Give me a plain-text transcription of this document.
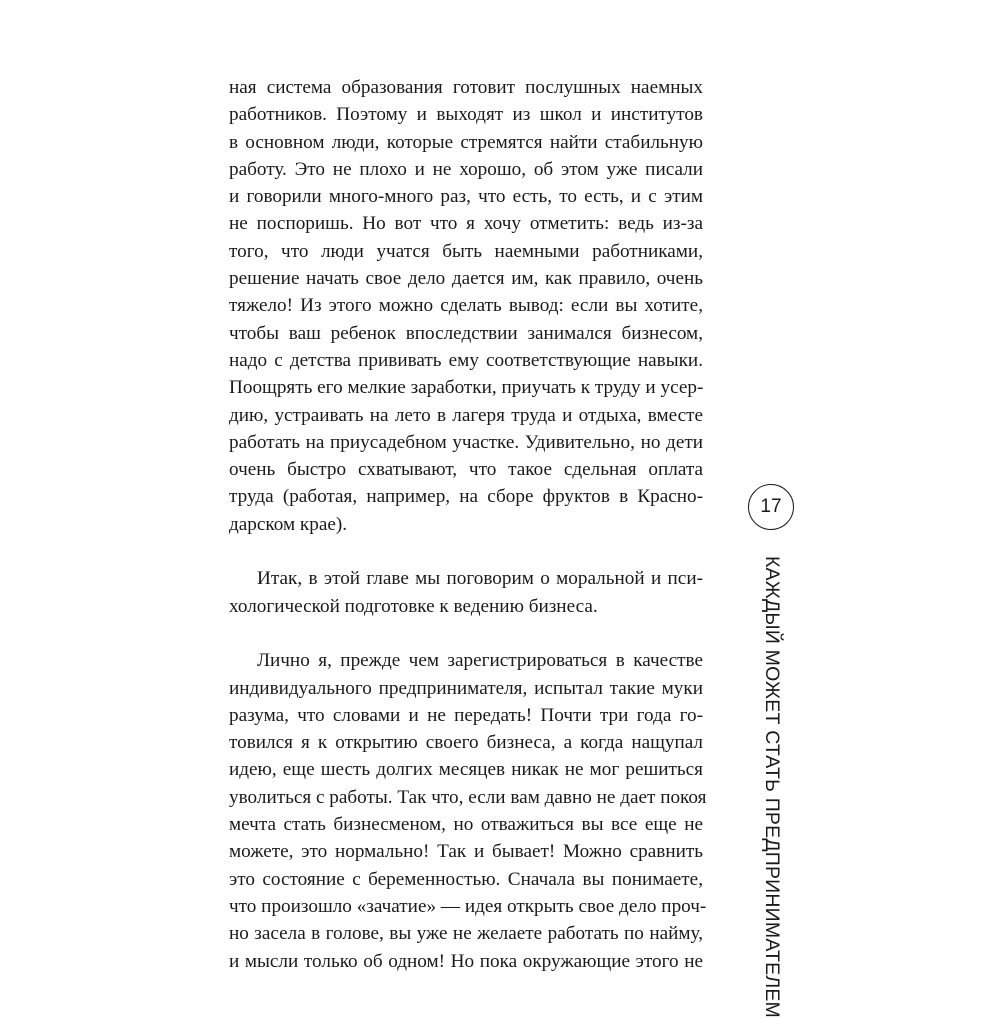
ная система образования готовит послушных наемных
работников. Поэтому и выходят из школ и институтов
в основном люди, которые стремятся найти стабильную
работу. Это не плохо и не хорошо, об этом уже писали
и говорили много-много раз, что есть, то есть, и с этим
не поспоришь. Но вот что я хочу отметить: ведь из-за
того, что люди учатся быть наемными работниками,
решение начать свое дело дается им, как правило, очень
тяжело! Из этого можно сделать вывод: если вы хотите,
чтобы ваш ребенок впоследствии занимался бизнесом,
надо с детства прививать ему соответствующие навыки.
Поощрять его мелкие заработки, приучать к труду и усер-
дию, устраивать на лето в лагеря труда и отдыха, вместе
работать на приусадебном участке. Удивительно, но дети
очень быстро схватывают, что такое сдельная оплата
труда (работая, например, на сборе фруктов в Красно-
дарском крае).
Итак, в этой главе мы поговорим о моральной и пси-
хологической подготовке к ведению бизнеса.
Лично я, прежде чем зарегистрироваться в качестве
индивидуального предпринимателя, испытал такие муки
разума, что словами и не передать! Почти три года го-
товился я к открытию своего бизнеса, а когда нащупал
идею, еще шесть долгих месяцев никак не мог решиться
уволиться с работы. Так что, если вам давно не дает покоя
мечта стать бизнесменом, но отважиться вы все еще не
можете, это нормально! Так и бывает! Можно сравнить
это состояние с беременностью. Сначала вы понимаете,
что произошло «зачатие» — идея открыть свое дело проч-
но засела в голове, вы уже не желаете работать по найму,
и мысли только об одном! Но пока окружающие этого не
17
КАЖДЫЙ МОЖЕТ СТАТЬ ПРЕДПРИНИМАТЕЛЕМ
